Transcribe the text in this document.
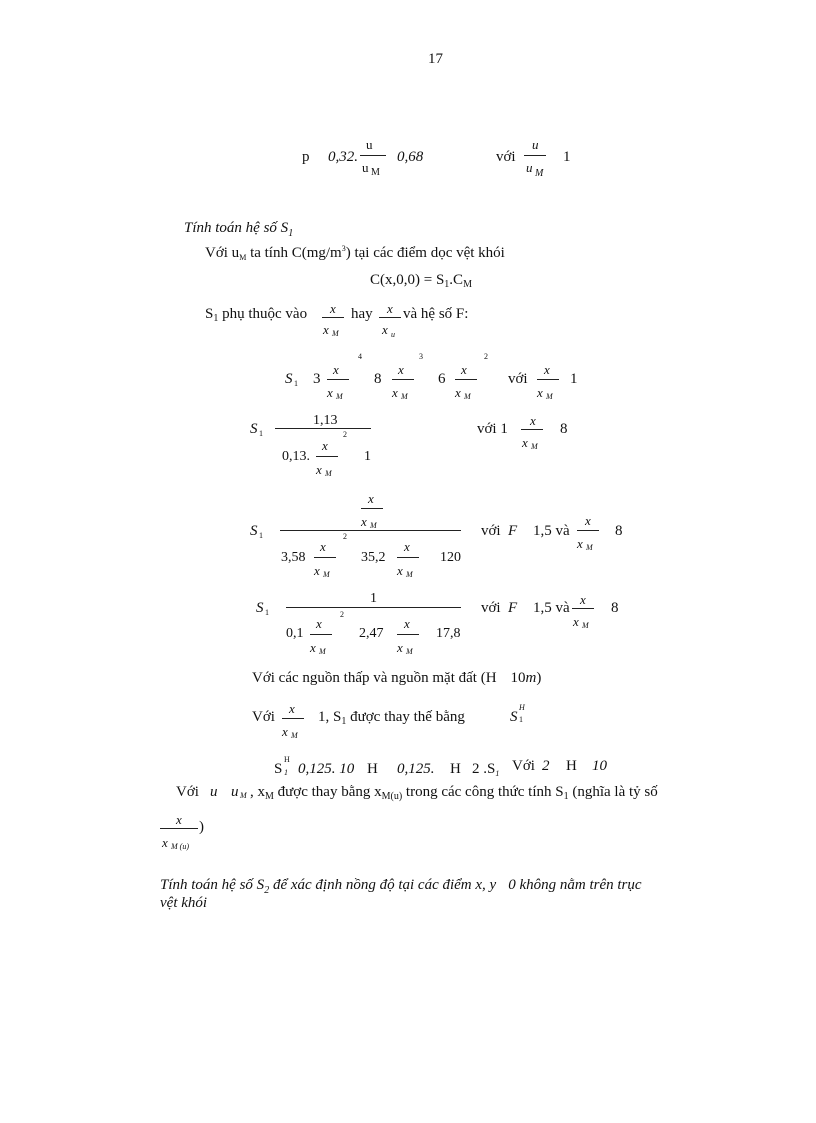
17
p 0,32.
u
u M
0,68	với
u
u M
1
Tính toán hệ số $S_1$
Với $u_M$ ta tính $C(mg/m^3)$ tại các điểm dọc vệt khói
$C(x,0,0) = S_1.C_M$
$S_1$ phụ thuộc vào x
x M
hay x
x u
và hệ số F:
S 1 3
x
x M
4
8
x
x M
3
6
x
x M
2
với
x
x M
1
S 1
1,13
0,13.
x
x M
2
1
với 1
x
x M
8
S 1
x
x M
3,58
x
x M
2
35,2
x
x M
120
với F 1,5 và
x
x M
8
S 1
1
0,1
x
x M
2
2,47
x
x M
17,8
với F 1,5 và
x
x M
8
Với các nguồn thấp và nguồn mặt đất (H 10m)
Với
x
x M
1, $S_1$ được thay thế bằng	S
H
1
S
H
1 0,125. 10 H 0,125. H 2 $.S_1$ Với 2 H 10
Với u u M , $x_M$ được thay bằng $x_{M(u)}$ trong các công thức tính $S_1$ (nghĩa là tỷ số
x
x M (u)
)
Tính toán hệ số $S_2$ để xác định nồng độ tại các điểm x, y 0 không nằm trên trục
vệt khói
